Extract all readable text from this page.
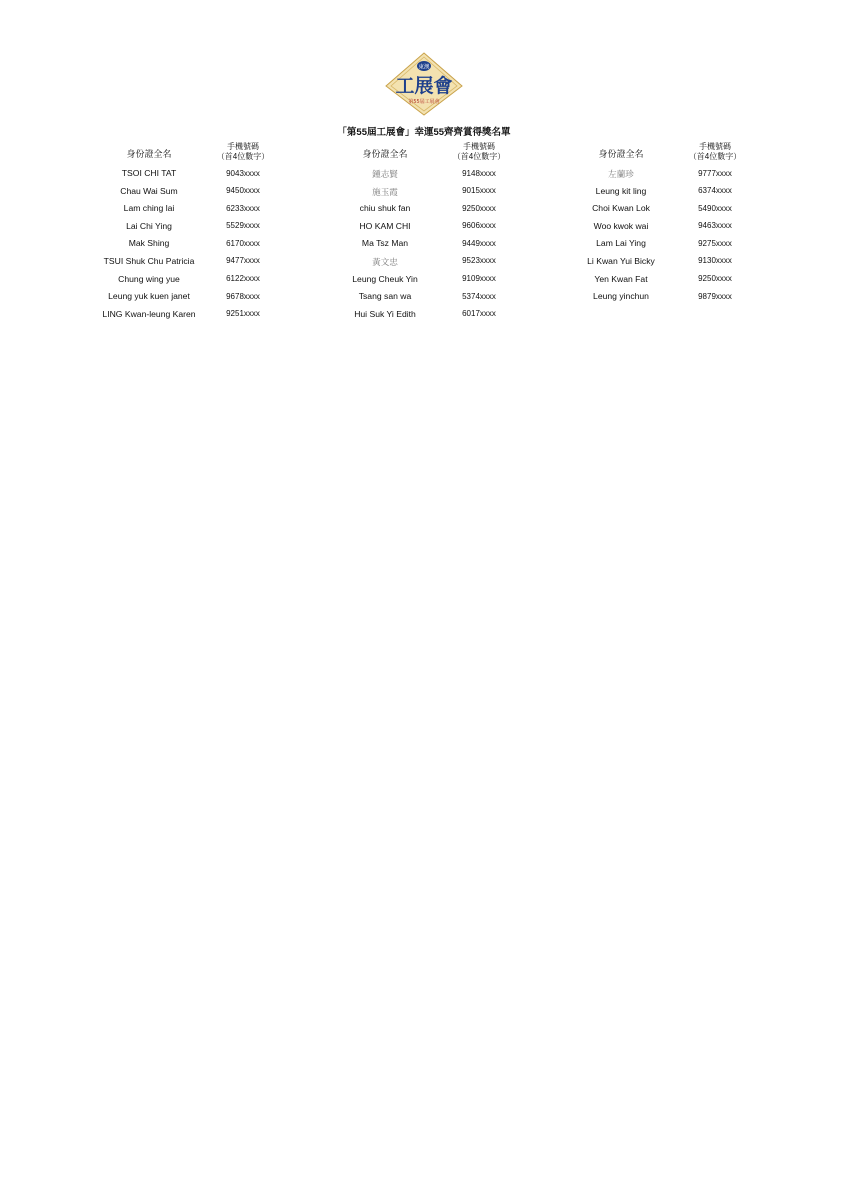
東澳
工展會
第55屆工展會
「第55屆工展會」幸運55齊齊賞得獎名單
身份證全名
手機號碼
（首4位數字）
TSOI CHI TAT	9043xxxx
Chau Wai Sum	9450xxxx
Lam ching lai	6233xxxx
Lai Chi Ying	5529xxxx
Mak Shing	6170xxxx
TSUI Shuk Chu Patricia	9477xxxx
Chung wing yue	6122xxxx
Leung yuk kuen janet	9678xxxx
LING Kwan-leung Karen	9251xxxx
身份證全名
手機號碼
（首4位數字）
鍾志賢	9148xxxx
施玉霞	9015xxxx
chiu shuk fan	9250xxxx
HO KAM CHI	9606xxxx
Ma Tsz Man	9449xxxx
黃文忠	9523xxxx
Leung Cheuk Yin	9109xxxx
Tsang san wa	5374xxxx
Hui Suk Yi Edith	6017xxxx
身份證全名
手機號碼
（首4位數字）
左蘭珍	9777xxxx
Leung kit ling	6374xxxx
Choi Kwan Lok	5490xxxx
Woo kwok wai	9463xxxx
Lam Lai Ying	9275xxxx
Li Kwan Yui Bicky	9130xxxx
Yen Kwan Fat	9250xxxx
Leung yinchun	9879xxxx
